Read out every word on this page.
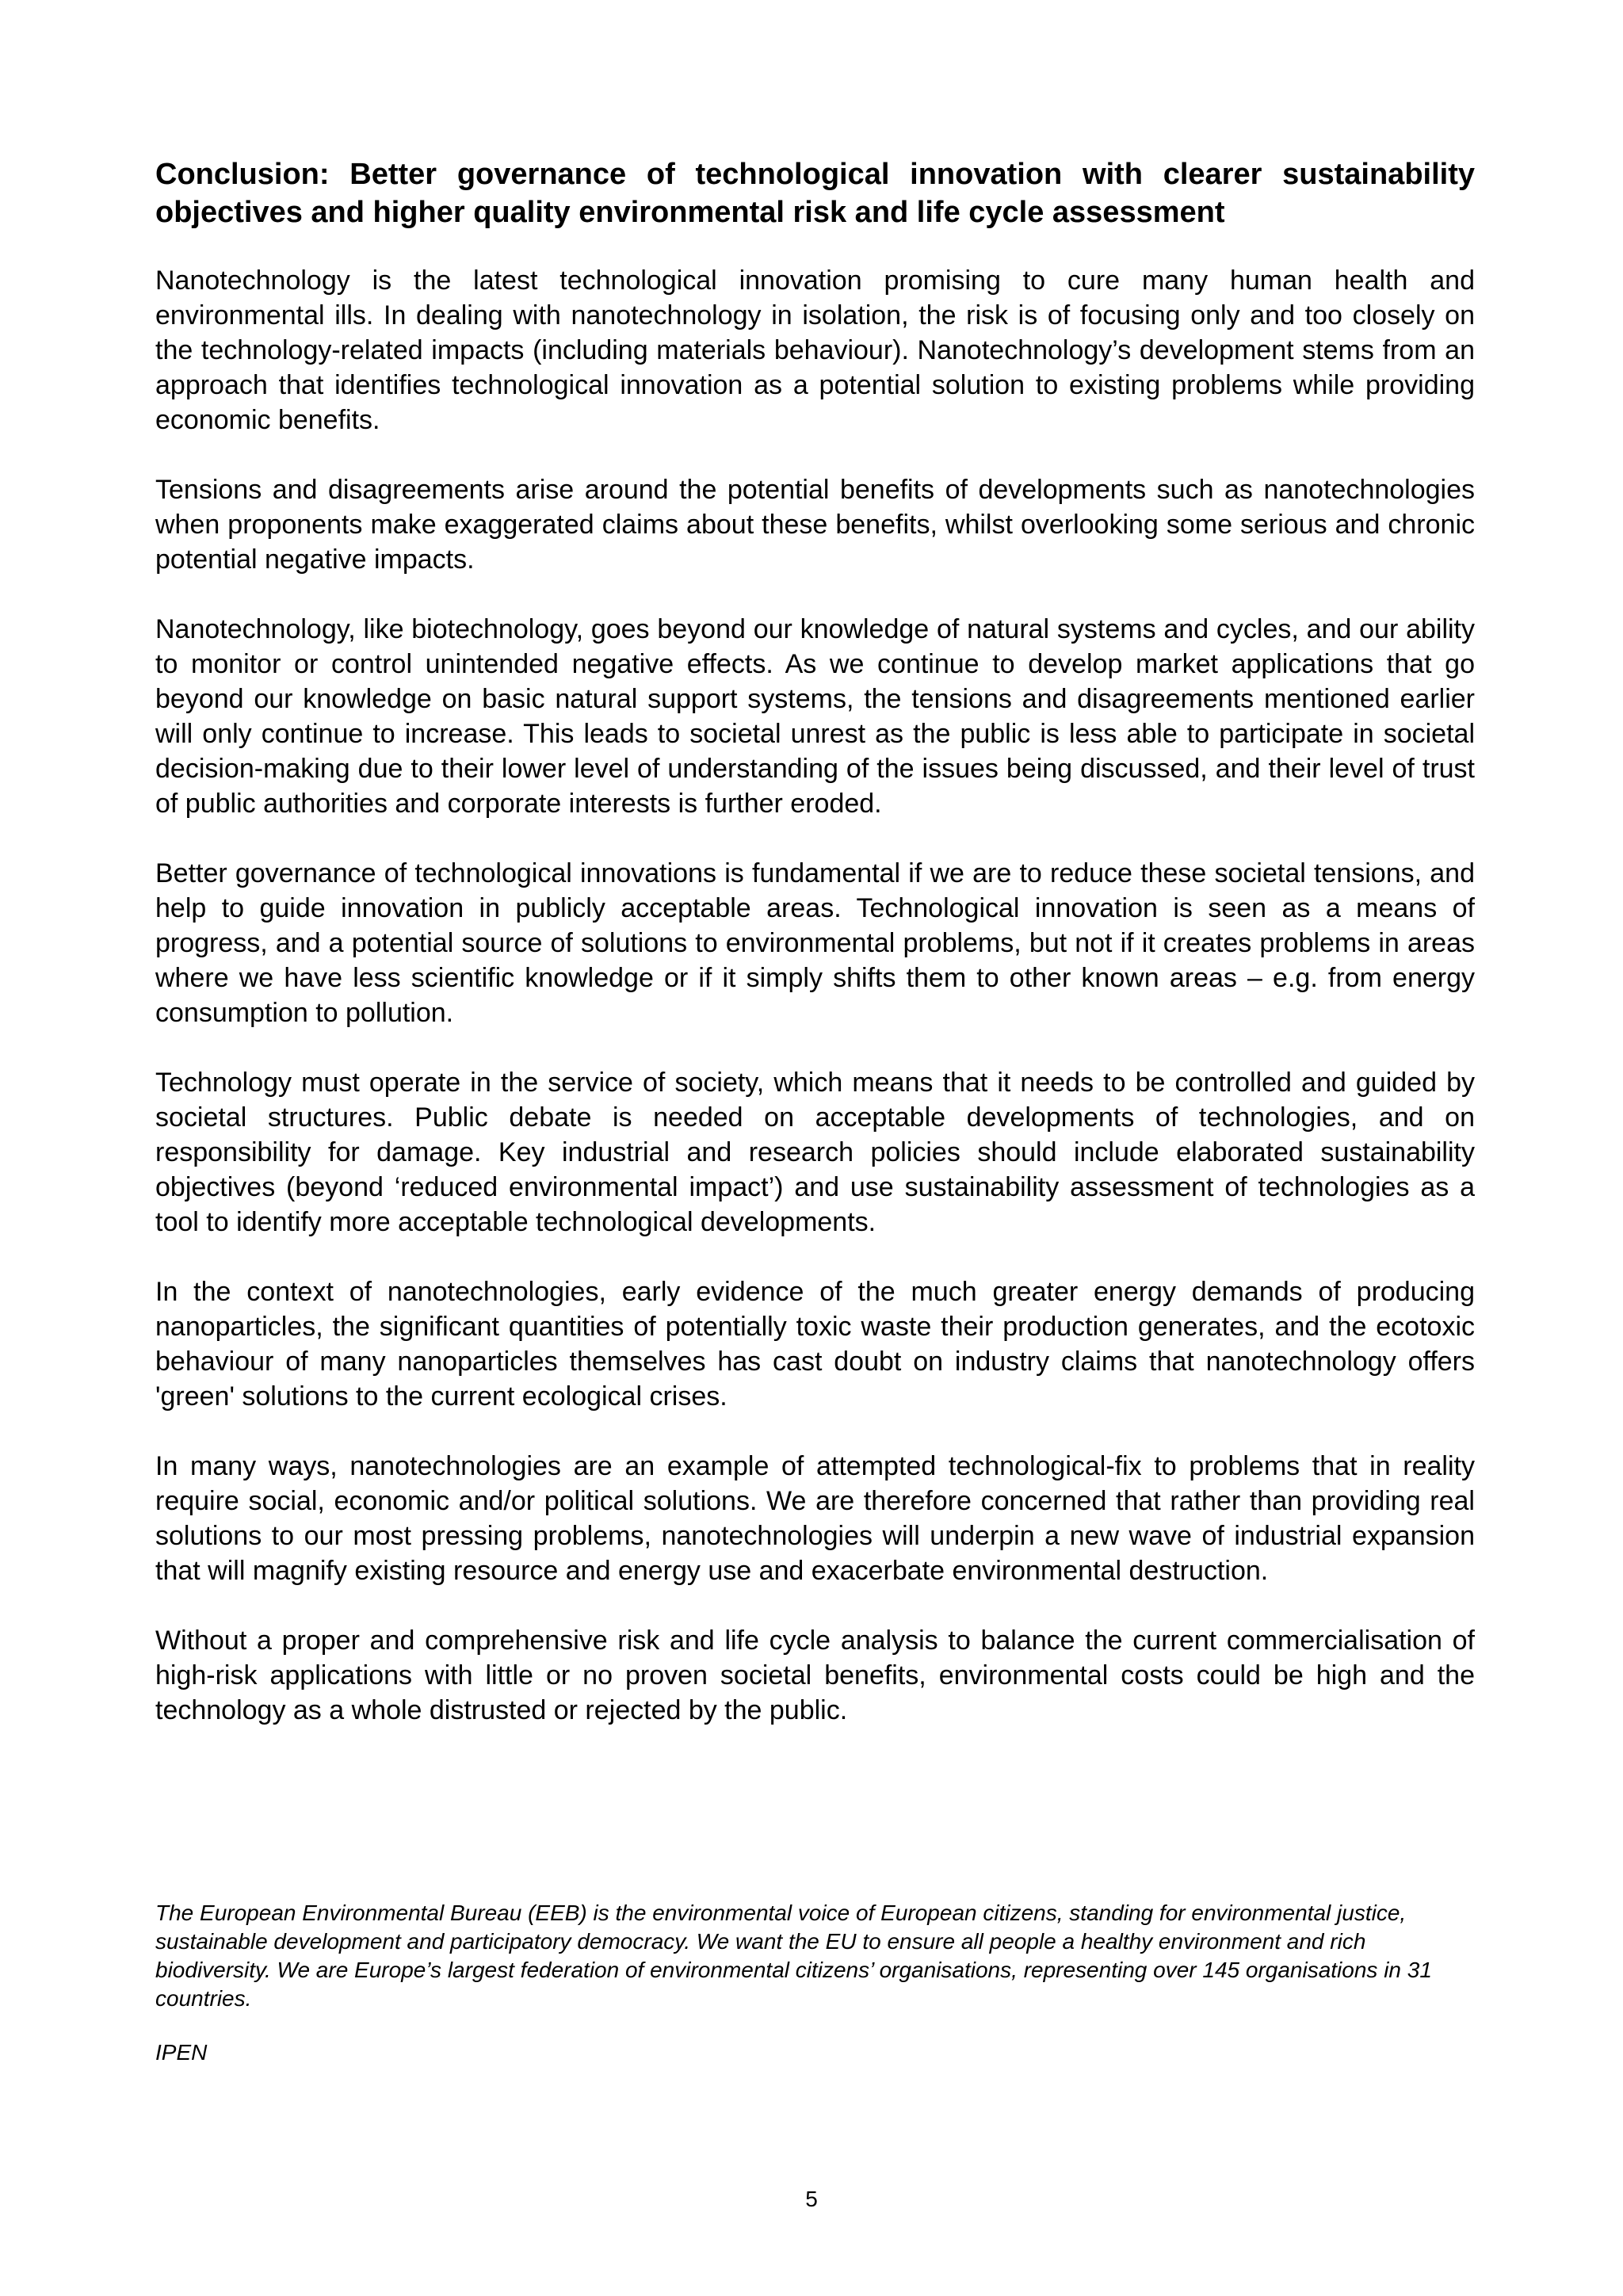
Conclusion: Better governance of technological innovation with clearer sustainability objectives and higher quality environmental risk and life cycle assessment

Nanotechnology is the latest technological innovation promising to cure many human health and environmental ills. In dealing with nanotechnology in isolation, the risk is of focusing only and too closely on the technology-related impacts (including materials behaviour). Nanotechnology’s development stems from an approach that identifies technological innovation as a potential solution to existing problems while providing economic benefits.

Tensions and disagreements arise around the potential benefits of developments such as nanotechnologies when proponents make exaggerated claims about these benefits, whilst overlooking some serious and chronic potential negative impacts.

Nanotechnology, like biotechnology, goes beyond our knowledge of natural systems and cycles, and our ability to monitor or control unintended negative effects. As we continue to develop market applications that go beyond our knowledge on basic natural support systems, the tensions and disagreements mentioned earlier will only continue to increase. This leads to societal unrest as the public is less able to participate in societal decision-making due to their lower level of understanding of the issues being discussed, and their level of trust of public authorities and corporate interests is further eroded.

Better governance of technological innovations is fundamental if we are to reduce these societal tensions, and help to guide innovation in publicly acceptable areas. Technological innovation is seen as a means of progress, and a potential source of solutions to environmental problems, but not if it creates problems in areas where we have less scientific knowledge or if it simply shifts them to other known areas – e.g. from energy consumption to pollution.

Technology must operate in the service of society, which means that it needs to be controlled and guided by societal structures. Public debate is needed on acceptable developments of technologies, and on responsibility for damage. Key industrial and research policies should include elaborated sustainability objectives (beyond ‘reduced environmental impact’) and use sustainability assessment of technologies as a tool to identify more acceptable technological developments.

In the context of nanotechnologies, early evidence of the much greater energy demands of producing nanoparticles, the significant quantities of potentially toxic waste their production generates, and the ecotoxic behaviour of many nanoparticles themselves has cast doubt on industry claims that nanotechnology offers 'green' solutions to the current ecological crises.

In many ways, nanotechnologies are an example of attempted technological-fix to problems that in reality require social, economic and/or political solutions. We are therefore concerned that rather than providing real solutions to our most pressing problems, nanotechnologies will underpin a new wave of industrial expansion that will magnify existing resource and energy use and exacerbate environmental destruction.

Without a proper and comprehensive risk and life cycle analysis to balance the current commercialisation of high-risk applications with little or no proven societal benefits, environmental costs could be high and the technology as a whole distrusted or rejected by the public.

The European Environmental Bureau (EEB) is the environmental voice of European citizens, standing for environmental justice, sustainable development and participatory democracy. We want the EU to ensure all people a healthy environment and rich biodiversity. We are Europe’s largest federation of environmental citizens’ organisations, representing over 145 organisations in 31 countries.

IPEN

5
